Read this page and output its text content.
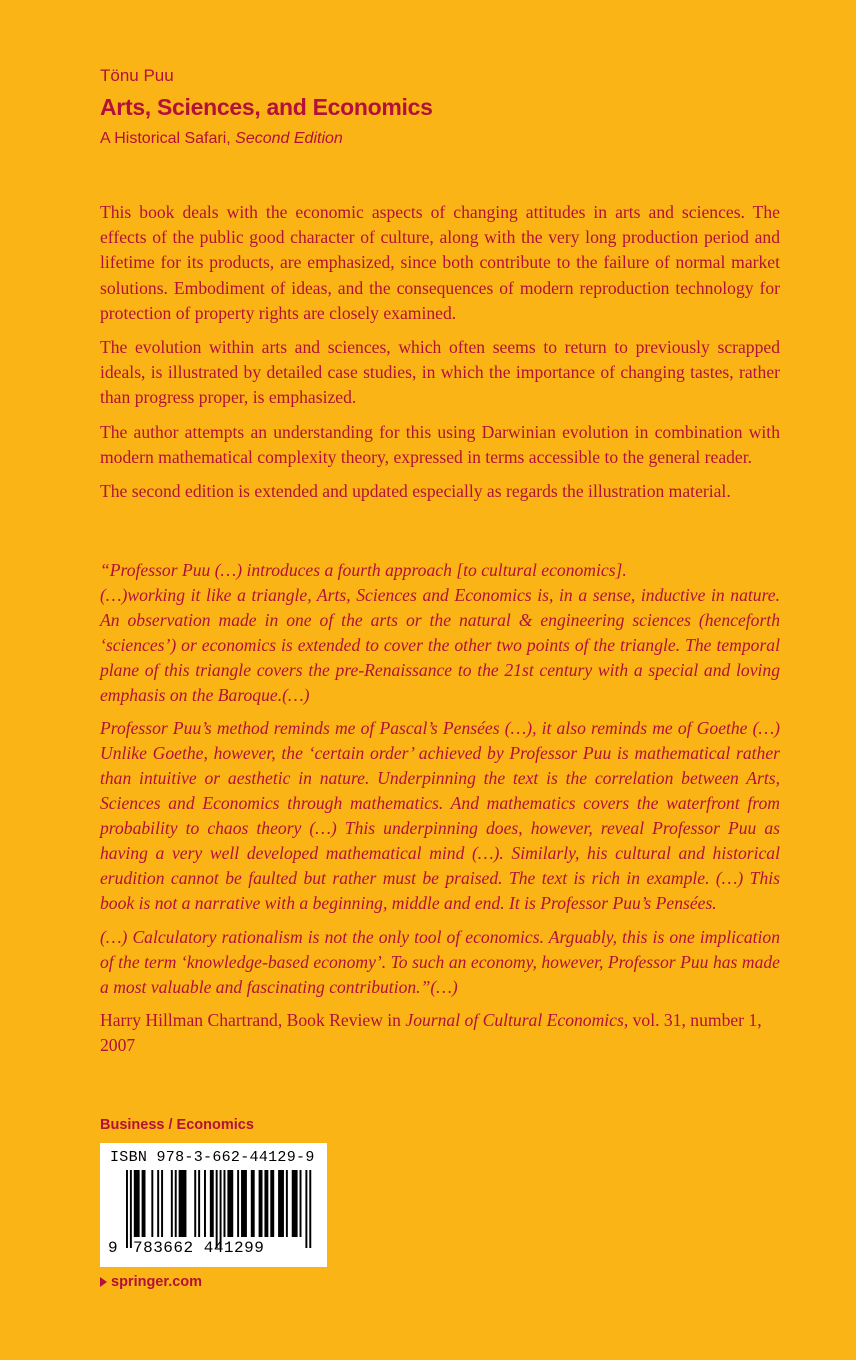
Tönu Puu
Arts, Sciences, and Economics
A Historical Safari, Second Edition

This book deals with the economic aspects of changing attitudes in arts and sciences. The effects of the public good character of culture, along with the very long production period and lifetime for its products, are emphasized, since both contribute to the failure of normal market solutions. Embodiment of ideas, and the consequences of modern reproduction technology for protection of property rights are closely examined.

The evolution within arts and sciences, which often seems to return to previously scrapped ideals, is illustrated by detailed case studies, in which the importance of changing tastes, rather than progress proper, is emphasized.

The author attempts an understanding for this using Darwinian evolution in combination with modern mathematical complexity theory, expressed in terms accessible to the general reader.

The second edition is extended and updated especially as regards the illustration material.

“Professor Puu (…) introduces a fourth approach [to cultural economics].

(…)working it like a triangle, Arts, Sciences and Economics is, in a sense, inductive in nature. An observation made in one of the arts or the natural & engineering sciences (henceforth ‘sciences’) or economics is extended to cover the other two points of the triangle. The temporal plane of this triangle covers the pre-Renaissance to the 21st century with a special and loving emphasis on the Baroque.(…)

Professor Puu’s method reminds me of Pascal’s Pensées (…), it also reminds me of Goethe (…) Unlike Goethe, however, the ‘certain order’ achieved by Professor Puu is mathematical rather than intuitive or aesthetic in nature. Underpinning the text is the correlation between Arts, Sciences and Economics through mathematics. And mathematics covers the waterfront from probability to chaos theory (…) This underpinning does, however, reveal Professor Puu as having a very well developed mathematical mind (…). Similarly, his cultural and historical erudition cannot be faulted but rather must be praised. The text is rich in example. (…) This book is not a narrative with a beginning, middle and end. It is Professor Puu’s Pensées.

(…) Calculatory rationalism is not the only tool of economics. Arguably, this is one implication of the term ‘knowledge-based economy’. To such an economy, however, Professor Puu has made a most valuable and fascinating contribution.”(…)

Harry Hillman Chartrand, Book Review in Journal of Cultural Economics, vol. 31, number 1, 2007

Business / Economics
ISBN 978-3-662-44129-9
9 783662 441299
springer.com
